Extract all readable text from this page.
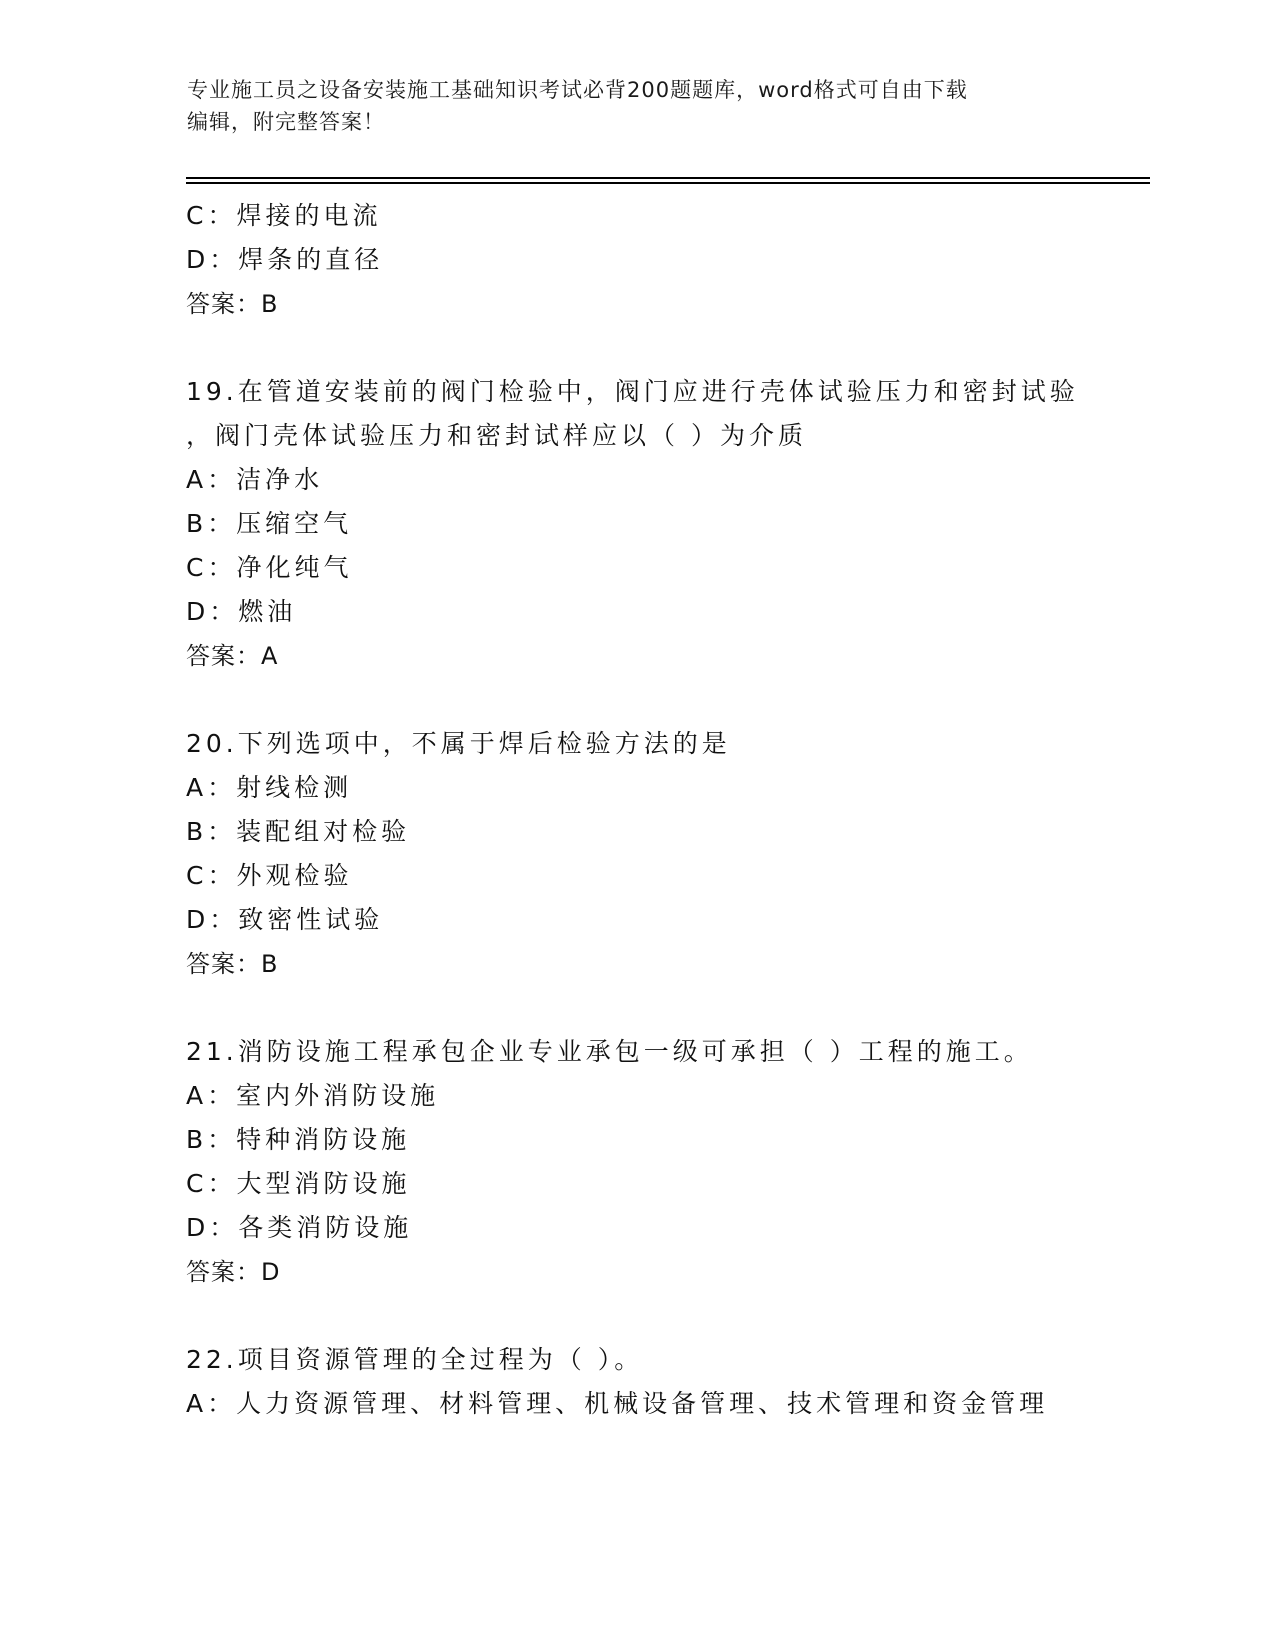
专业施工员之设备安装施工基础知识考试必背200题题库，word格式可自由下载
编辑，附完整答案！
C：焊接的电流
D：焊条的直径
答案：B
19.在管道安装前的阀门检验中，阀门应进行壳体试验压力和密封试验
，阀门壳体试验压力和密封试样应以（ ）为介质
A：洁净水
B：压缩空气
C：净化纯气
D：燃油
答案：A
20.下列选项中，不属于焊后检验方法的是
A：射线检测
B：装配组对检验
C：外观检验
D：致密性试验
答案：B
21.消防设施工程承包企业专业承包一级可承担（ ）工程的施工。
A：室内外消防设施
B：特种消防设施
C：大型消防设施
D：各类消防设施
答案：D
22.项目资源管理的全过程为（ ）。
A：人力资源管理、材料管理、机械设备管理、技术管理和资金管理
